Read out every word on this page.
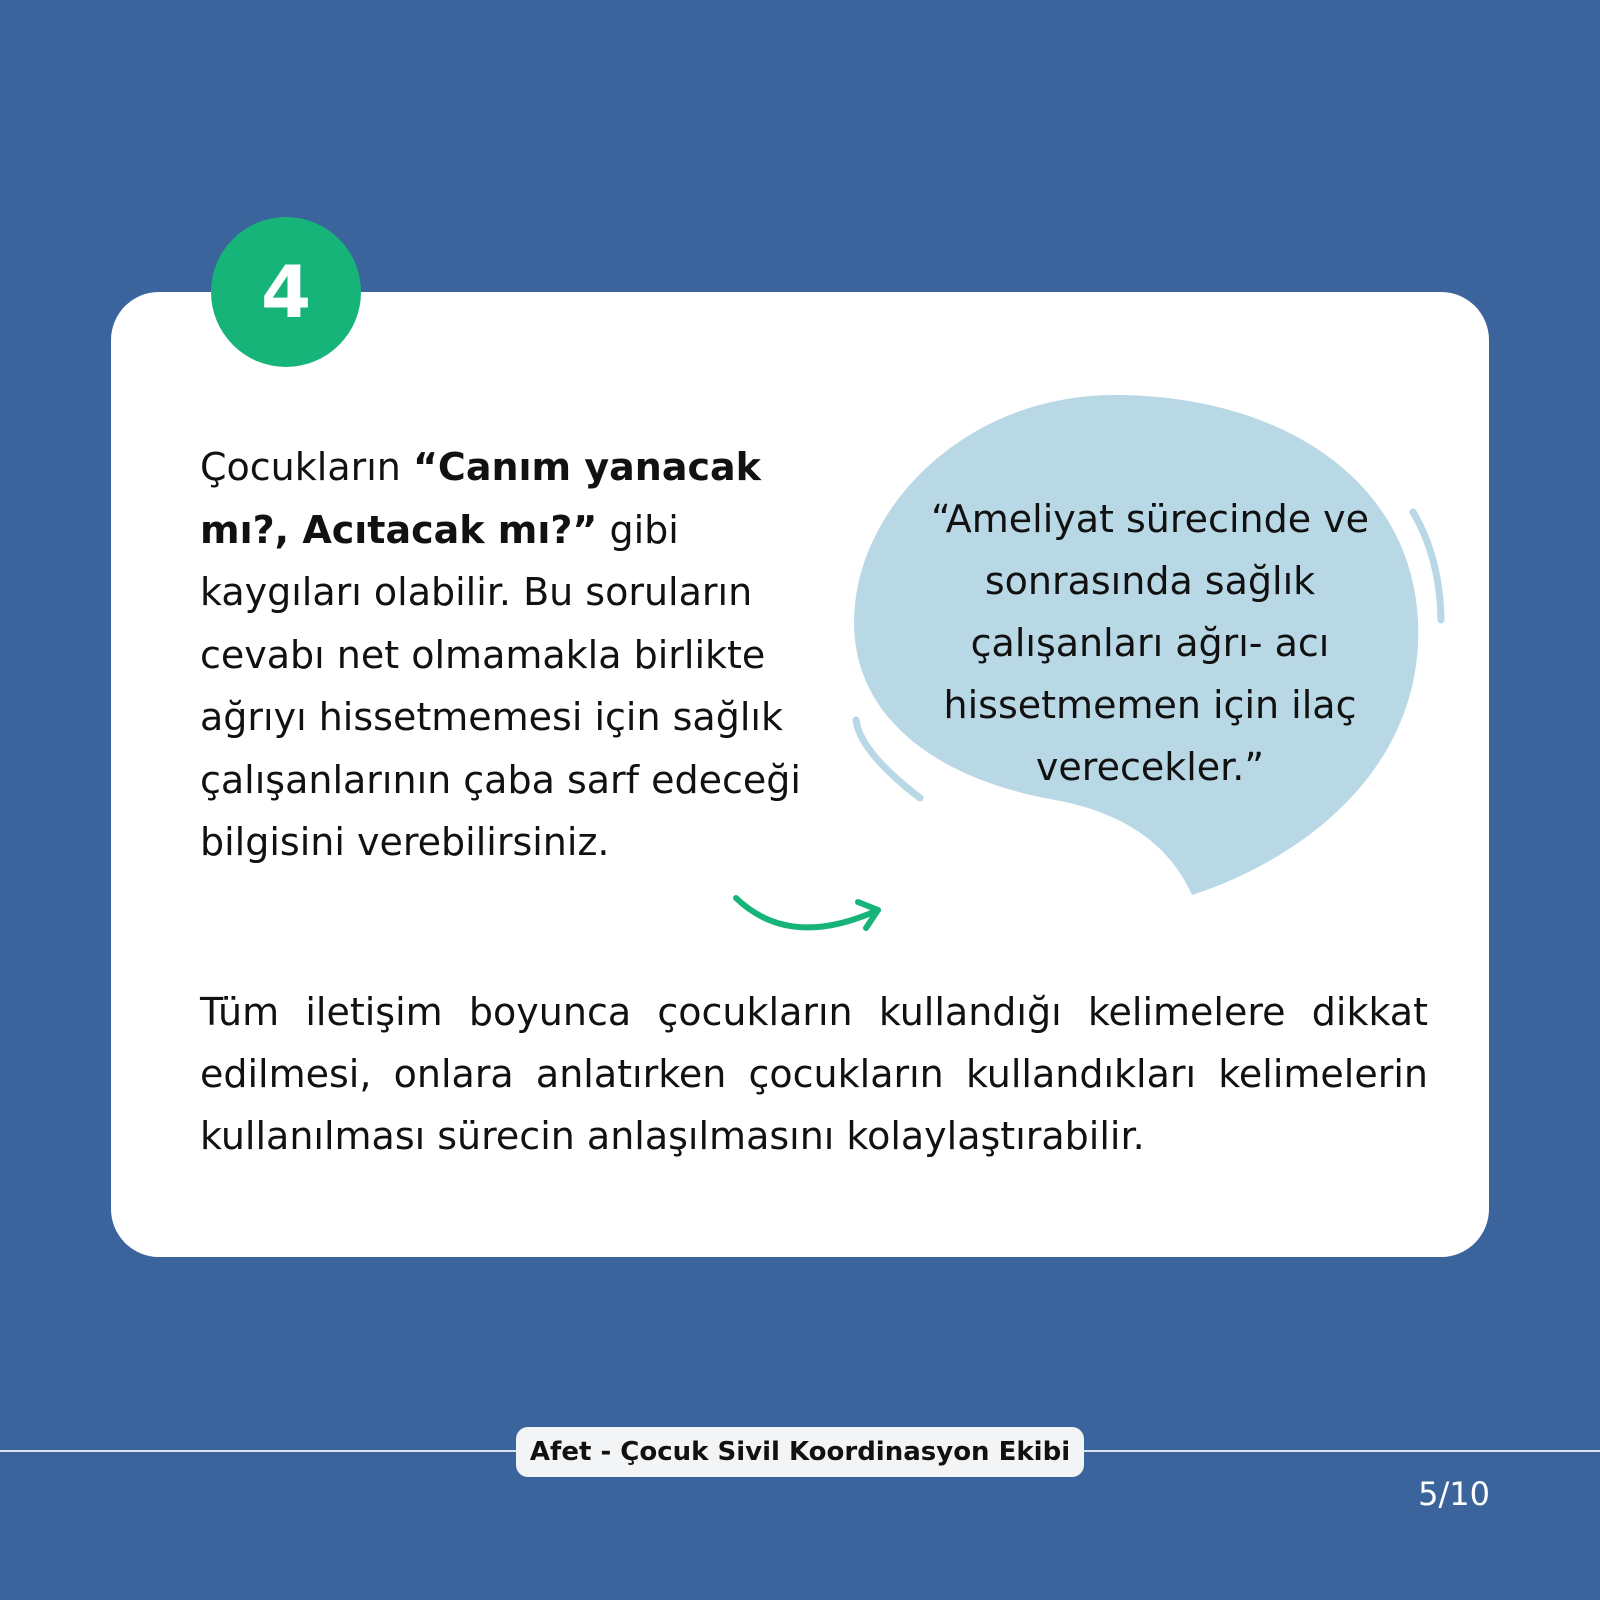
4

Çocukların “Canım yanacak mı?, Acıtacak mı?” gibi kaygıları olabilir. Bu soruların cevabı net olmamakla birlikte ağrıyı hissetmemesi için sağlık çalışanlarının çaba sarf edeceği bilgisini verebilirsiniz.

“Ameliyat sürecinde ve sonrasında sağlık çalışanları ağrı- acı hissetmemen için ilaç verecekler.”

Tüm iletişim boyunca çocukların kullandığı kelimelere dikkat edilmesi, onlara anlatırken çocukların kullandıkları kelimelerin kullanılması sürecin anlaşılmasını kolaylaştırabilir.

Afet - Çocuk Sivil Koordinasyon Ekibi
5/10
